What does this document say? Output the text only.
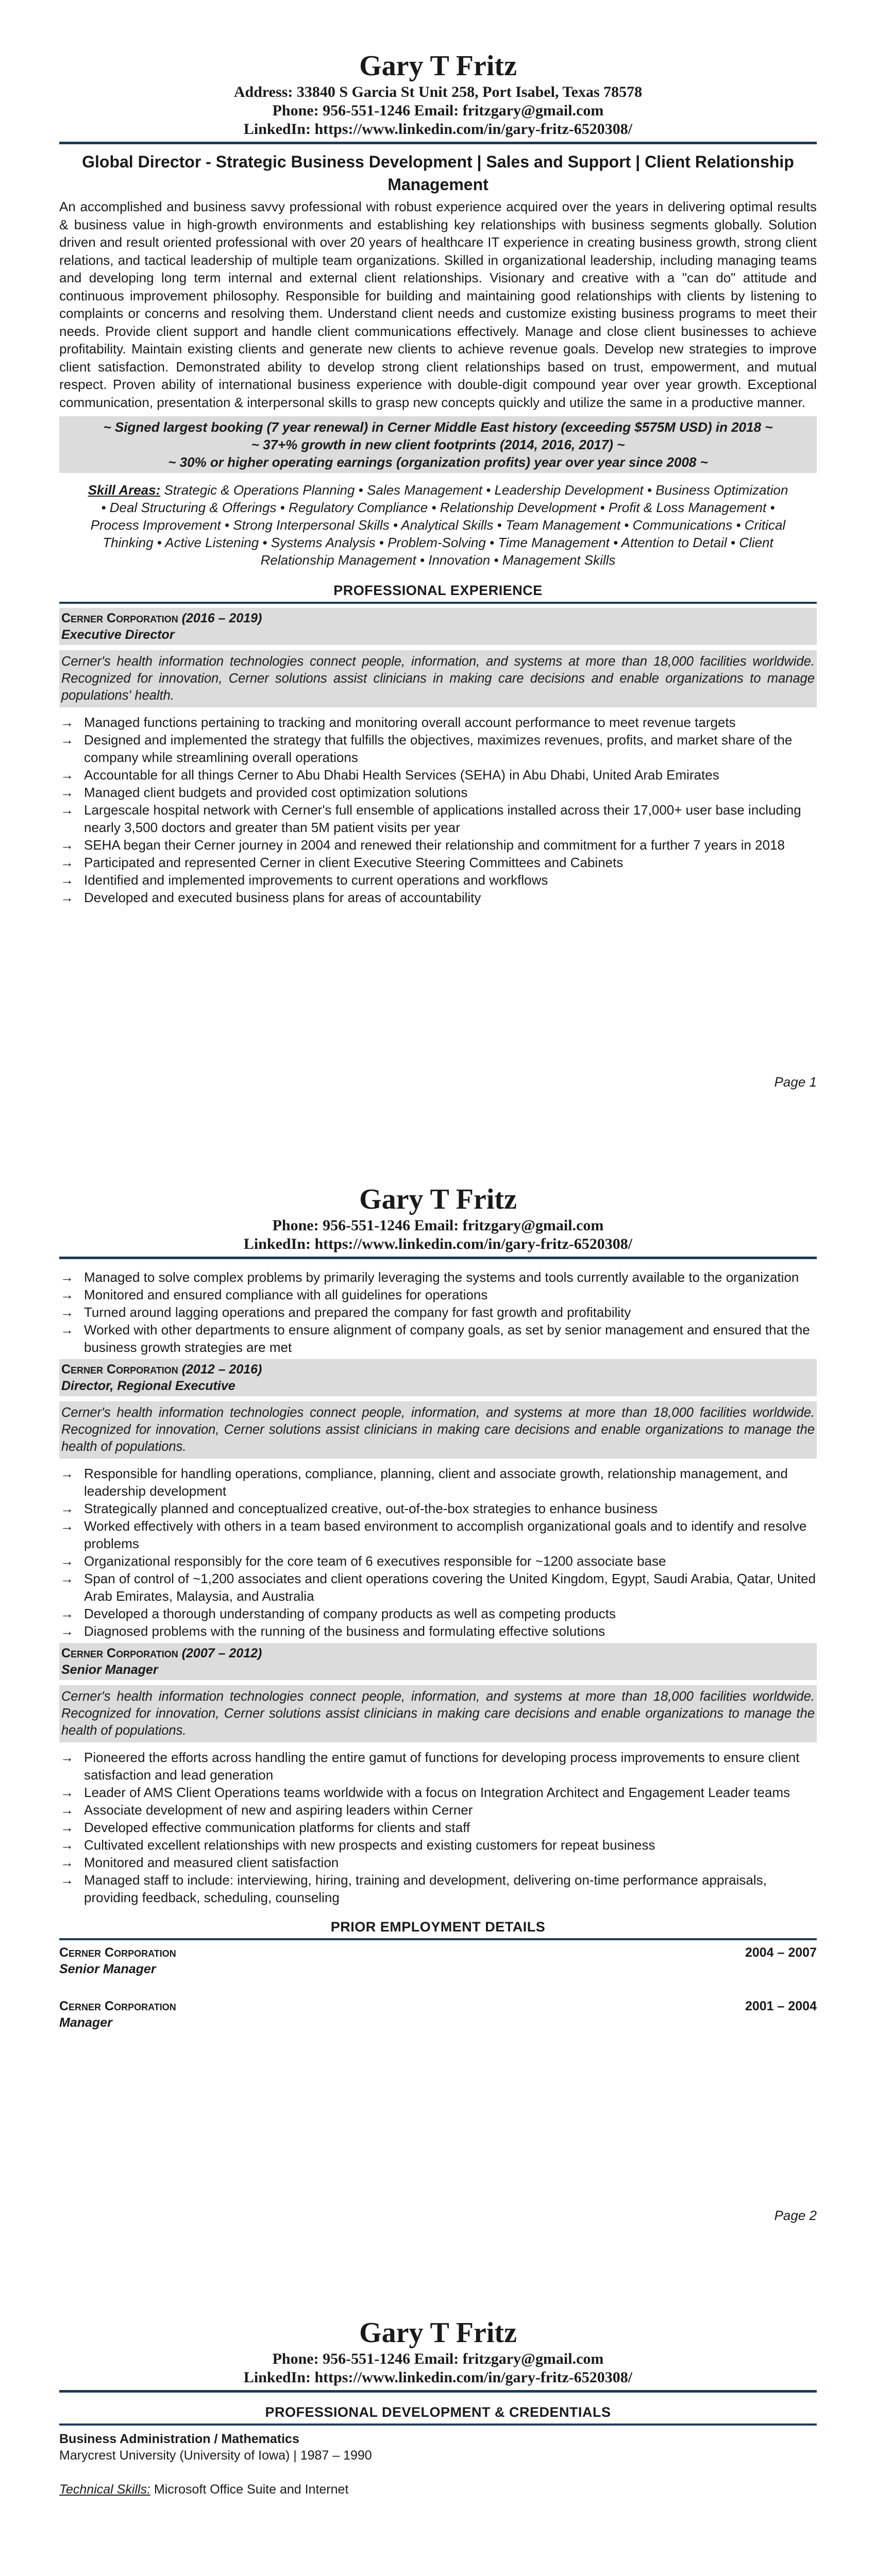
Gary T Fritz

Address: 33840 S Garcia St Unit 258, Port Isabel, Texas 78578

Phone: 956-551-1246 Email: fritzgary@gmail.com

LinkedIn: https://www.linkedin.com/in/gary-fritz-6520308/

Global Director - Strategic Business Development | Sales and Support | Client Relationship Management
An accomplished and business savvy professional with robust experience acquired over the years in delivering optimal results & business value in high-growth environments and establishing key relationships with business segments globally. Solution driven and result oriented professional with over 20 years of healthcare IT experience in creating business growth, strong client relations, and tactical leadership of multiple team organizations. Skilled in organizational leadership, including managing teams and developing long term internal and external client relationships. Visionary and creative with a "can do" attitude and continuous improvement philosophy. Responsible for building and maintaining good relationships with clients by listening to complaints or concerns and resolving them. Understand client needs and customize existing business programs to meet their needs. Provide client support and handle client communications effectively. Manage and close client businesses to achieve profitability. Maintain existing clients and generate new clients to achieve revenue goals. Develop new strategies to improve client satisfaction. Demonstrated ability to develop strong client relationships based on trust, empowerment, and mutual respect. Proven ability of international business experience with double-digit compound year over year growth. Exceptional communication, presentation & interpersonal skills to grasp new concepts quickly and utilize the same in a productive manner.
~ Signed largest booking (7 year renewal) in Cerner Middle East history (exceeding $575M USD) in 2018 ~
~ 37+% growth in new client footprints (2014, 2016, 2017) ~
~ 30% or higher operating earnings (organization profits) year over year since 2008 ~
Skill Areas: Strategic & Operations Planning • Sales Management • Leadership Development • Business Optimization • Deal Structuring & Offerings • Regulatory Compliance • Relationship Development • Profit & Loss Management • Process Improvement • Strong Interpersonal Skills • Analytical Skills • Team Management • Communications • Critical Thinking • Active Listening • Systems Analysis • Problem-Solving • Time Management • Attention to Detail • Client Relationship Management • Innovation • Management Skills
PROFESSIONAL EXPERIENCE
Cerner Corporation (2016 – 2019)
Executive Director
Cerner's health information technologies connect people, information, and systems at more than 18,000 facilities worldwide. Recognized for innovation, Cerner solutions assist clinicians in making care decisions and enable organizations to manage populations' health.
→ Managed functions pertaining to tracking and monitoring overall account performance to meet revenue targets
→ Designed and implemented the strategy that fulfills the objectives, maximizes revenues, profits, and market share of the company while streamlining overall operations
→ Accountable for all things Cerner to Abu Dhabi Health Services (SEHA) in Abu Dhabi, United Arab Emirates
→ Managed client budgets and provided cost optimization solutions
→ Largescale hospital network with Cerner's full ensemble of applications installed across their 17,000+ user base including nearly 3,500 doctors and greater than 5M patient visits per year
→ SEHA began their Cerner journey in 2004 and renewed their relationship and commitment for a further 7 years in 2018
→ Participated and represented Cerner in client Executive Steering Committees and Cabinets
→ Identified and implemented improvements to current operations and workflows
→ Developed and executed business plans for areas of accountability
Page 1

Gary T Fritz

Phone: 956-551-1246 Email: fritzgary@gmail.com

LinkedIn: https://www.linkedin.com/in/gary-fritz-6520308/

→ Managed to solve complex problems by primarily leveraging the systems and tools currently available to the organization
→ Monitored and ensured compliance with all guidelines for operations
→ Turned around lagging operations and prepared the company for fast growth and profitability
→ Worked with other departments to ensure alignment of company goals, as set by senior management and ensured that the business growth strategies are met
Cerner Corporation (2012 – 2016)
Director, Regional Executive
Cerner's health information technologies connect people, information, and systems at more than 18,000 facilities worldwide. Recognized for innovation, Cerner solutions assist clinicians in making care decisions and enable organizations to manage the health of populations.
→ Responsible for handling operations, compliance, planning, client and associate growth, relationship management, and leadership development
→ Strategically planned and conceptualized creative, out-of-the-box strategies to enhance business
→ Worked effectively with others in a team based environment to accomplish organizational goals and to identify and resolve problems
→ Organizational responsibly for the core team of 6 executives responsible for ~1200 associate base
→ Span of control of ~1,200 associates and client operations covering the United Kingdom, Egypt, Saudi Arabia, Qatar, United Arab Emirates, Malaysia, and Australia
→ Developed a thorough understanding of company products as well as competing products
→ Diagnosed problems with the running of the business and formulating effective solutions
Cerner Corporation (2007 – 2012)
Senior Manager
Cerner's health information technologies connect people, information, and systems at more than 18,000 facilities worldwide. Recognized for innovation, Cerner solutions assist clinicians in making care decisions and enable organizations to manage the health of populations.
→ Pioneered the efforts across handling the entire gamut of functions for developing process improvements to ensure client satisfaction and lead generation
→ Leader of AMS Client Operations teams worldwide with a focus on Integration Architect and Engagement Leader teams
→ Associate development of new and aspiring leaders within Cerner
→ Developed effective communication platforms for clients and staff
→ Cultivated excellent relationships with new prospects and existing customers for repeat business
→ Monitored and measured client satisfaction
→ Managed staff to include: interviewing, hiring, training and development, delivering on-time performance appraisals, providing feedback, scheduling, counseling
PRIOR EMPLOYMENT DETAILS
Cerner Corporation	2004 – 2007
Senior Manager
Cerner Corporation	2001 – 2004
Manager
Page 2

Gary T Fritz

Phone: 956-551-1246 Email: fritzgary@gmail.com

LinkedIn: https://www.linkedin.com/in/gary-fritz-6520308/

PROFESSIONAL DEVELOPMENT & CREDENTIALS
Business Administration / Mathematics
Marycrest University (University of Iowa) | 1987 – 1990
Technical Skills: Microsoft Office Suite and Internet
